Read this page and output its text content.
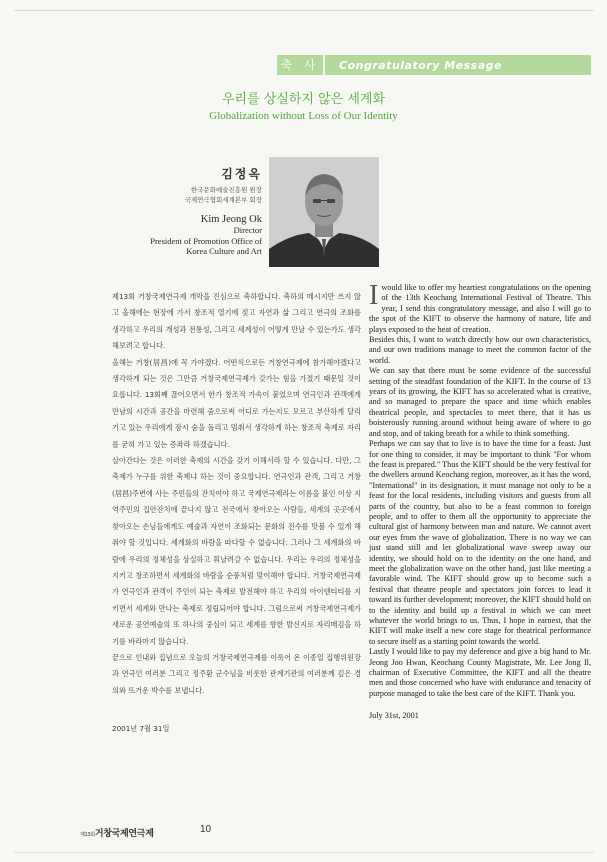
축 사	Congratulatory Message
우리를 상실하지 않은 세계화
Globalization without Loss of Our Identity
김정옥
한국문화예술진흥원 원장
국제연극협회세계본부 회장
Kim Jeong Ok
Director
President of Promotion Office of
Korea Culture and Art

제13회 거창국제연극제 개막을 진심으로 축하합니다. 축하의 메시지만 쓰지 않고 올해에는 현장에 가서 창조적 열기에 젖고 자연과 삶 그리고 연극의 조화를 생각하고 우리의 개성과 전통성, 그리고 세계성이 어떻게 만날 수 있는가도 생각해보려고 합니다.

올해는 거창(居昌)에 꼭 가야겠다. 어떤식으로든 거창연극제에 참가해야겠다고 생각하게 되는 것은 그만큼 거창국제연극제가 갖가는 힘을 가졌기 때문일 것이 요롭니다. 13회째 끊어오면서 한가 창조적 가속이 붙었으며 연극인과 관객에게 만남의 시간과 공간을 마련해 줌으로써 어디로 가는지도 모르고 부산하게 달리기고 있는 우리에게 잠시 숨을 돌리고 멈춰서 생각하게 하는 창조적 축제로 자리를 굳혀 가고 있는 증좌라 하겠습니다.

살아간다는 것은 이러한 축제의 시간을 갖기 이해서라 할 수 있습니다. 다만, 그 축제가 누구를 위한 축제냐 하는 것이 중요합니다. 연극인과 관객, 그리고 거창(居昌)주변에 사는 주민들의 잔치여야 하고 국제연극제라는 이름을 붙인 이상 지역주민의 집안잔치에 끝나지 않고 전국에서 찾아오는 사람들, 세계의 곳곳에서 찾아오는 손님들에게도 예술과 자연이 조화되는 문화의 진수를 맛볼 수 있게 해줘야 할 것입니다. 세계화의 바람을 따다할 수 없습니다. 그러나 그 세계화의 바람에 우리의 정체성을 상실하고 휘날려갈 수 없습니다. 우리는 우리의 정체성을 지키고 창조하면서 세계화의 바람을 순풍처럼 맞이해야 합니다. 거창국제연극제가 연극인과 관객이 주인이 되는 축제로 발전해야 하고 우리의 아이덴티티를 지키면서 세계와 만나는 축제로 정립되어야 합니다. 그럼으로써 거창국제연극제가 새로운 공연예술의 또 하나의 중심이 되고 세계를 향한 발신지로 자리매김을 하기를 바라마지 않습니다.

끝으로 인내와 집념으로 오늘의 거창국제연극제를 이룩어 온 이종일 집행위원장과 연극인 여러분 그리고 정주환 군수님을 비롯한 관계기관의 여러분께 깊은 경의와 뜨거운 박수를 보냅니다.

2001년 7월 31일

Iwould like to offer my heartiest congratulations on the opening of the 13th Keochang International Festival of Theatre. This year, I send this congratulatory message, and also I will go to the spot of the KIFT to observe the harmony of nature, life and plays exposed to the heat of creation.

Besides this, I want to watch directly how our own characteristics, and our own traditions manage to meet the common factor of the world.

We can say that there must be some evidence of the successful setting of the steadfast foundation of the KIFT. In the course of 13 years of its growing, the KIFT has so accelerated what is creative, and so managed to prepare the space and time which enables theatrical people, and spectacles to meet there, that it has us boisterously running around without being aware of where to go and stop, and of taking breath for a while to think something.

Perhaps we can say that to live is to have the time for a feast. Just for one thing to consider, it may be important to think "For whom the feast is prepared." Thus the KIFT should be the very festival for the dwellers around Keochang region, moreover, as it has the word, "International" in its designation, it must manage not only to be a feast for the local residents, including visitors and guests from all parts of the country, but also to be a feast common to foreign people, and to offer to them all the opportunity to appreciate the cultural gist of harmony between man and nature. We cannot avert our eyes from the wave of globalization. There is no way we can just stand still and let globalizational wave sweep away our identity, we should hold on to the identity on the one hand, and meet the globalization wave on the other hand, just like meeting a favorable wind. The KIFT should grow up to become such a festival that theatre people and spectators join forces to lead it toward its further development; moreover, the KIFT should hold on to the identity and build up a festival in which we can meet whatever the world brings to us. Thus, I hope in earnest, that the KIFT will make itself a new core stage for theatrical performance to secure itself as a starting point towards the world.

Lastly I would like to pay my deference and give a big hand to Mr. Jeong Joo Hwan, Keochang County Magistrate, Mr. Lee Jong Il, chairman of Executive Committee, the KIFT and all the theatre men and those concerned who have with endurance and tenacity of purpose managed to take the best care of the KIFT. Thank you.

July 31st, 2001

제13회거창국제연극제	10
